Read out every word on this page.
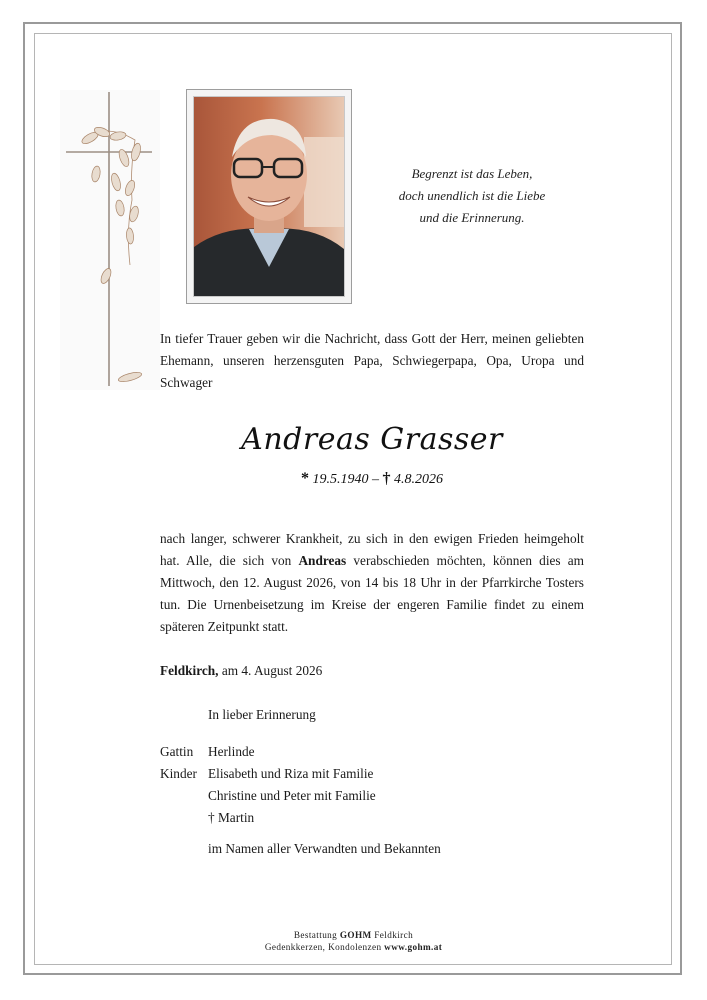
Begrenzt ist das Leben,
doch unendlich ist die Liebe
und die Erinnerung.
In tiefer Trauer geben wir die Nachricht, dass Gott der Herr, meinen geliebten Ehemann, unseren herzensguten Papa, Schwiegerpapa, Opa, Uropa und Schwager
Andreas Grasser
* 19.5.1940 – † 4.8.2026
nach langer, schwerer Krankheit, zu sich in den ewigen Frieden heimgeholt hat. Alle, die sich von Andreas verabschieden möchten, können dies am Mittwoch, den 12. August 2026, von 14 bis 18 Uhr in der Pfarrkirche Tosters tun. Die Urnenbeisetzung im Kreise der engeren Familie findet zu einem späteren Zeitpunkt statt.
Feldkirch, am 4. August 2026
In lieber Erinnerung
Gattin	Herlinde
Kinder Elisabeth und Riza mit Familie
Christine und Peter mit Familie
† Martin
im Namen aller Verwandten und Bekannten
Bestattung GOHM Feldkirch
Gedenkkerzen, Kondolenzen www.gohm.at
